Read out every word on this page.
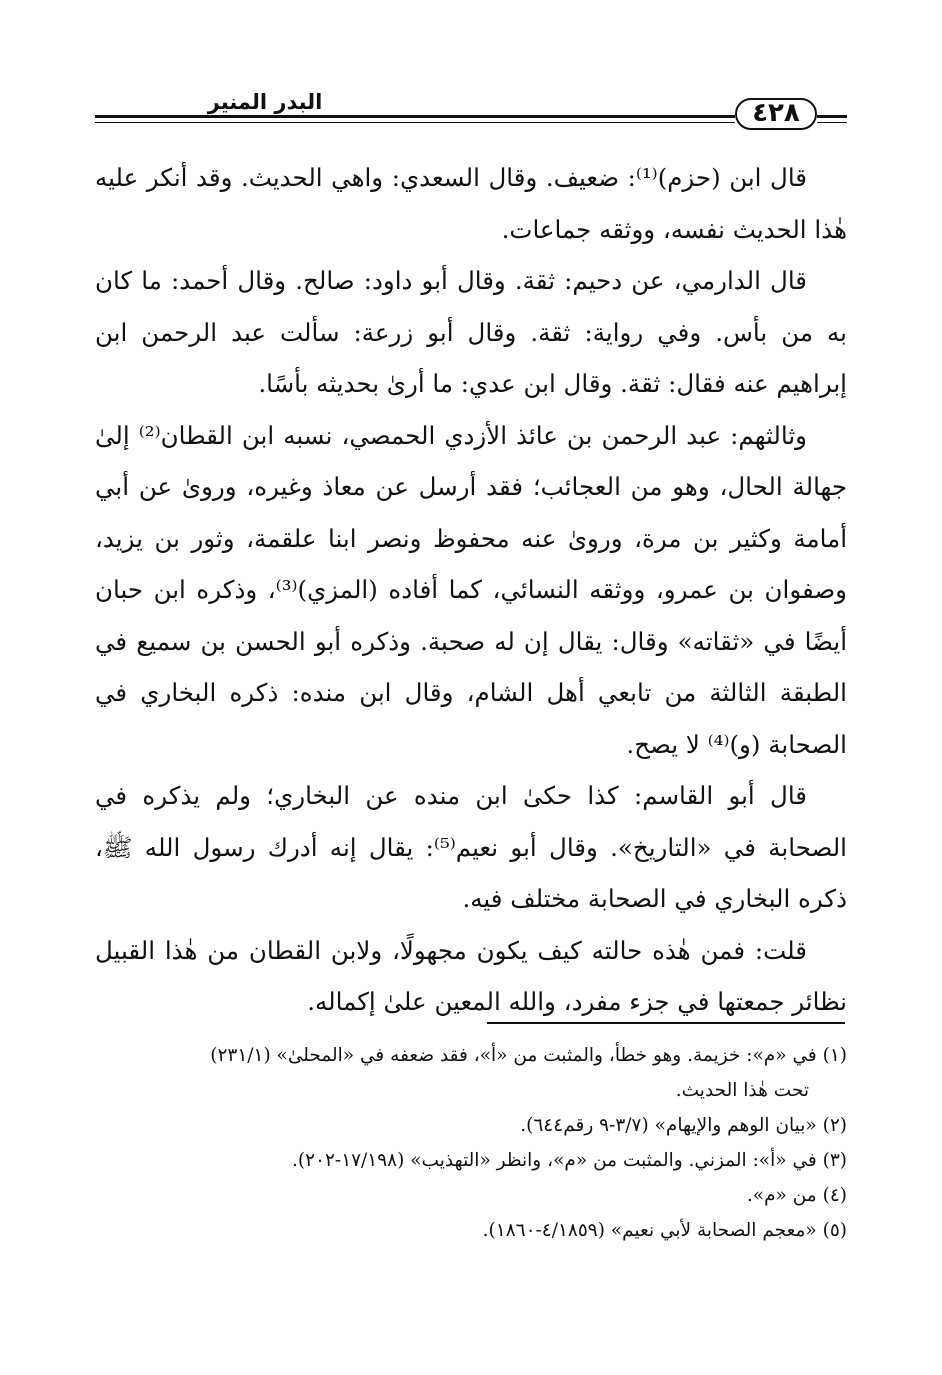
٤٢٨
البدر المنير

قال ابن (حزم)⁽¹⁾: ضعيف. وقال السعدي: واهي الحديث. وقد أنكر عليه هٰذا الحديث نفسه، ووثقه جماعات.

قال الدارمي، عن دحيم: ثقة. وقال أبو داود: صالح. وقال أحمد: ما كان به من بأس. وفي رواية: ثقة. وقال أبو زرعة: سألت عبد الرحمن ابن إبراهيم عنه فقال: ثقة. وقال ابن عدي: ما أرىٰ بحديثه بأسًا.

وثالثهم: عبد الرحمن بن عائذ الأزدي الحمصي، نسبه ابن القطان⁽²⁾ إلىٰ جهالة الحال، وهو من العجائب؛ فقد أرسل عن معاذ وغيره، وروىٰ عن أبي أمامة وكثير بن مرة، وروىٰ عنه محفوظ ونصر ابنا علقمة، وثور بن يزيد، وصفوان بن عمرو، ووثقه النسائي، كما أفاده (المزي)⁽³⁾، وذكره ابن حبان أيضًا في «ثقاته» وقال: يقال إن له صحبة. وذكره أبو الحسن بن سميع في الطبقة الثالثة من تابعي أهل الشام، وقال ابن منده: ذكره البخاري في الصحابة (و)⁽⁴⁾ لا يصح.

قال أبو القاسم: كذا حكىٰ ابن منده عن البخاري؛ ولم يذكره في الصحابة في «التاريخ». وقال أبو نعيم⁽⁵⁾: يقال إنه أدرك رسول الله ﷺ، ذكره البخاري في الصحابة مختلف فيه.

قلت: فمن هٰذه حالته كيف يكون مجهولًا، ولابن القطان من هٰذا القبيل نظائر جمعتها في جزء مفرد، والله المعين علىٰ إكماله.

(١) في «م»: خزيمة. وهو خطأ، والمثبت من «أ»، فقد ضعفه في «المحلىٰ» (٢٣١/١)

تحت هٰذا الحديث.

(٢) «بيان الوهم والإيهام» (٣/٧-٩ رقم٦٤٤).

(٣) في «أ»: المزني. والمثبت من «م»، وانظر «التهذيب» (١٧/١٩٨-٢٠٢).

(٤) من «م».

(٥) «معجم الصحابة لأبي نعيم» (٤/١٨٥٩-١٨٦٠).
